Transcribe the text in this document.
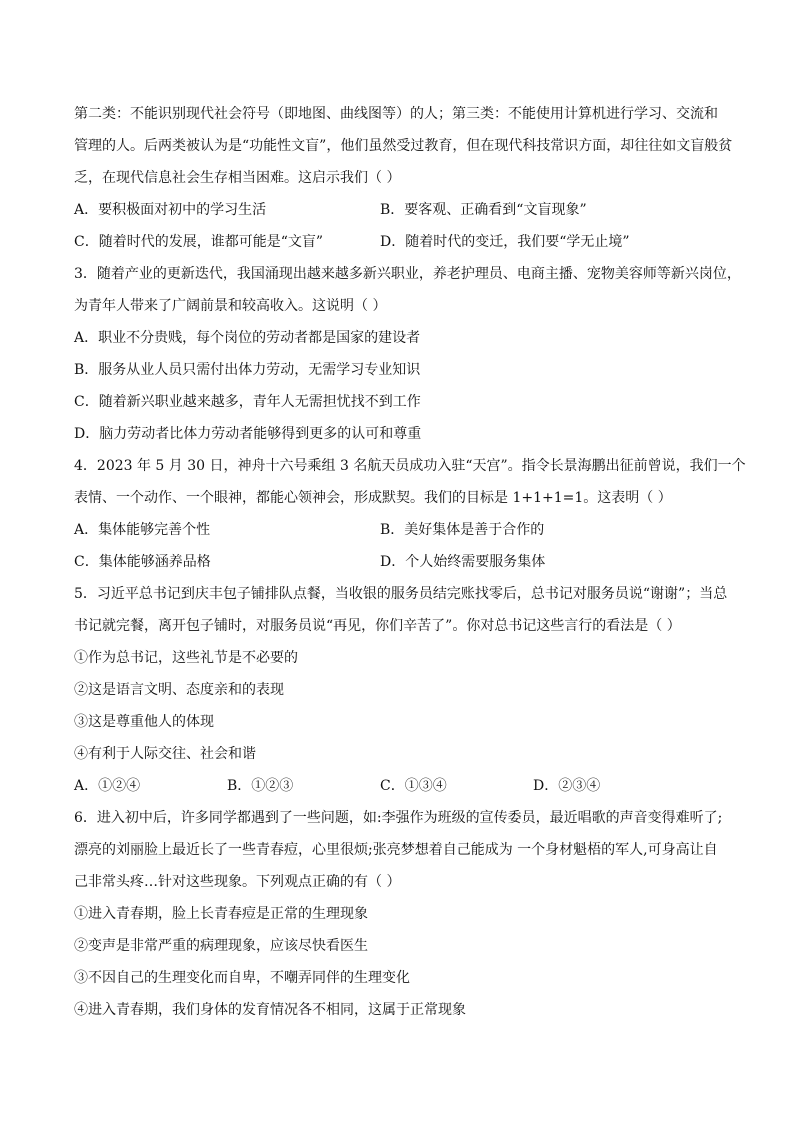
第二类：不能识别现代社会符号（即地图、曲线图等）的人；第三类：不能使用计算机进行学习、交流和
管理的人。后两类被认为是“功能性文盲”，他们虽然受过教育，但在现代科技常识方面，却往往如文盲般贫
乏，在现代信息社会生存相当困难。这启示我们（ ）
A．要积极面对初中的学习生活	B．要客观、正确看到“文盲现象”
C．随着时代的发展，谁都可能是“文盲”	D．随着时代的变迁，我们要“学无止境”
3．随着产业的更新迭代，我国涌现出越来越多新兴职业，养老护理员、电商主播、宠物美容师等新兴岗位，
为青年人带来了广阔前景和较高收入。这说明（ ）
A．职业不分贵贱，每个岗位的劳动者都是国家的建设者
B．服务从业人员只需付出体力劳动，无需学习专业知识
C．随着新兴职业越来越多，青年人无需担忧找不到工作
D．脑力劳动者比体力劳动者能够得到更多的认可和尊重
4．2023 年 5 月 30 日，神舟十六号乘组 3 名航天员成功入驻“天宫”。指令长景海鹏出征前曾说，我们一个
表情、一个动作、一个眼神，都能心领神会，形成默契。我们的目标是 1+1+1=1。这表明（ ）
A．集体能够完善个性	B．美好集体是善于合作的
C．集体能够涵养品格	D．个人始终需要服务集体
5．习近平总书记到庆丰包子铺排队点餐，当收银的服务员结完账找零后，总书记对服务员说“谢谢”；当总
书记就完餐，离开包子铺时，对服务员说“再见，你们辛苦了”。你对总书记这些言行的看法是（ ）
①作为总书记，这些礼节是不必要的
②这是语言文明、态度亲和的表现
③这是尊重他人的体现
④有利于人际交往、社会和谐
A．①②④	B．①②③	C．①③④	D．②③④
6．进入初中后，许多同学都遇到了一些问题，如:李强作为班级的宣传委员，最近唱歌的声音变得难听了;
漂亮的刘丽脸上最近长了一些青春痘，心里很烦;张亮梦想着自己能成为 一个身材魁梧的军人,可身高让自
己非常头疼…针对这些现象。下列观点正确的有（ ）
①进入青春期，脸上长青春痘是正常的生理现象
②变声是非常严重的病理现象，应该尽快看医生
③不因自己的生理变化而自卑，不嘲弄同伴的生理变化
④进入青春期，我们身体的发育情况各不相同，这属于正常现象
